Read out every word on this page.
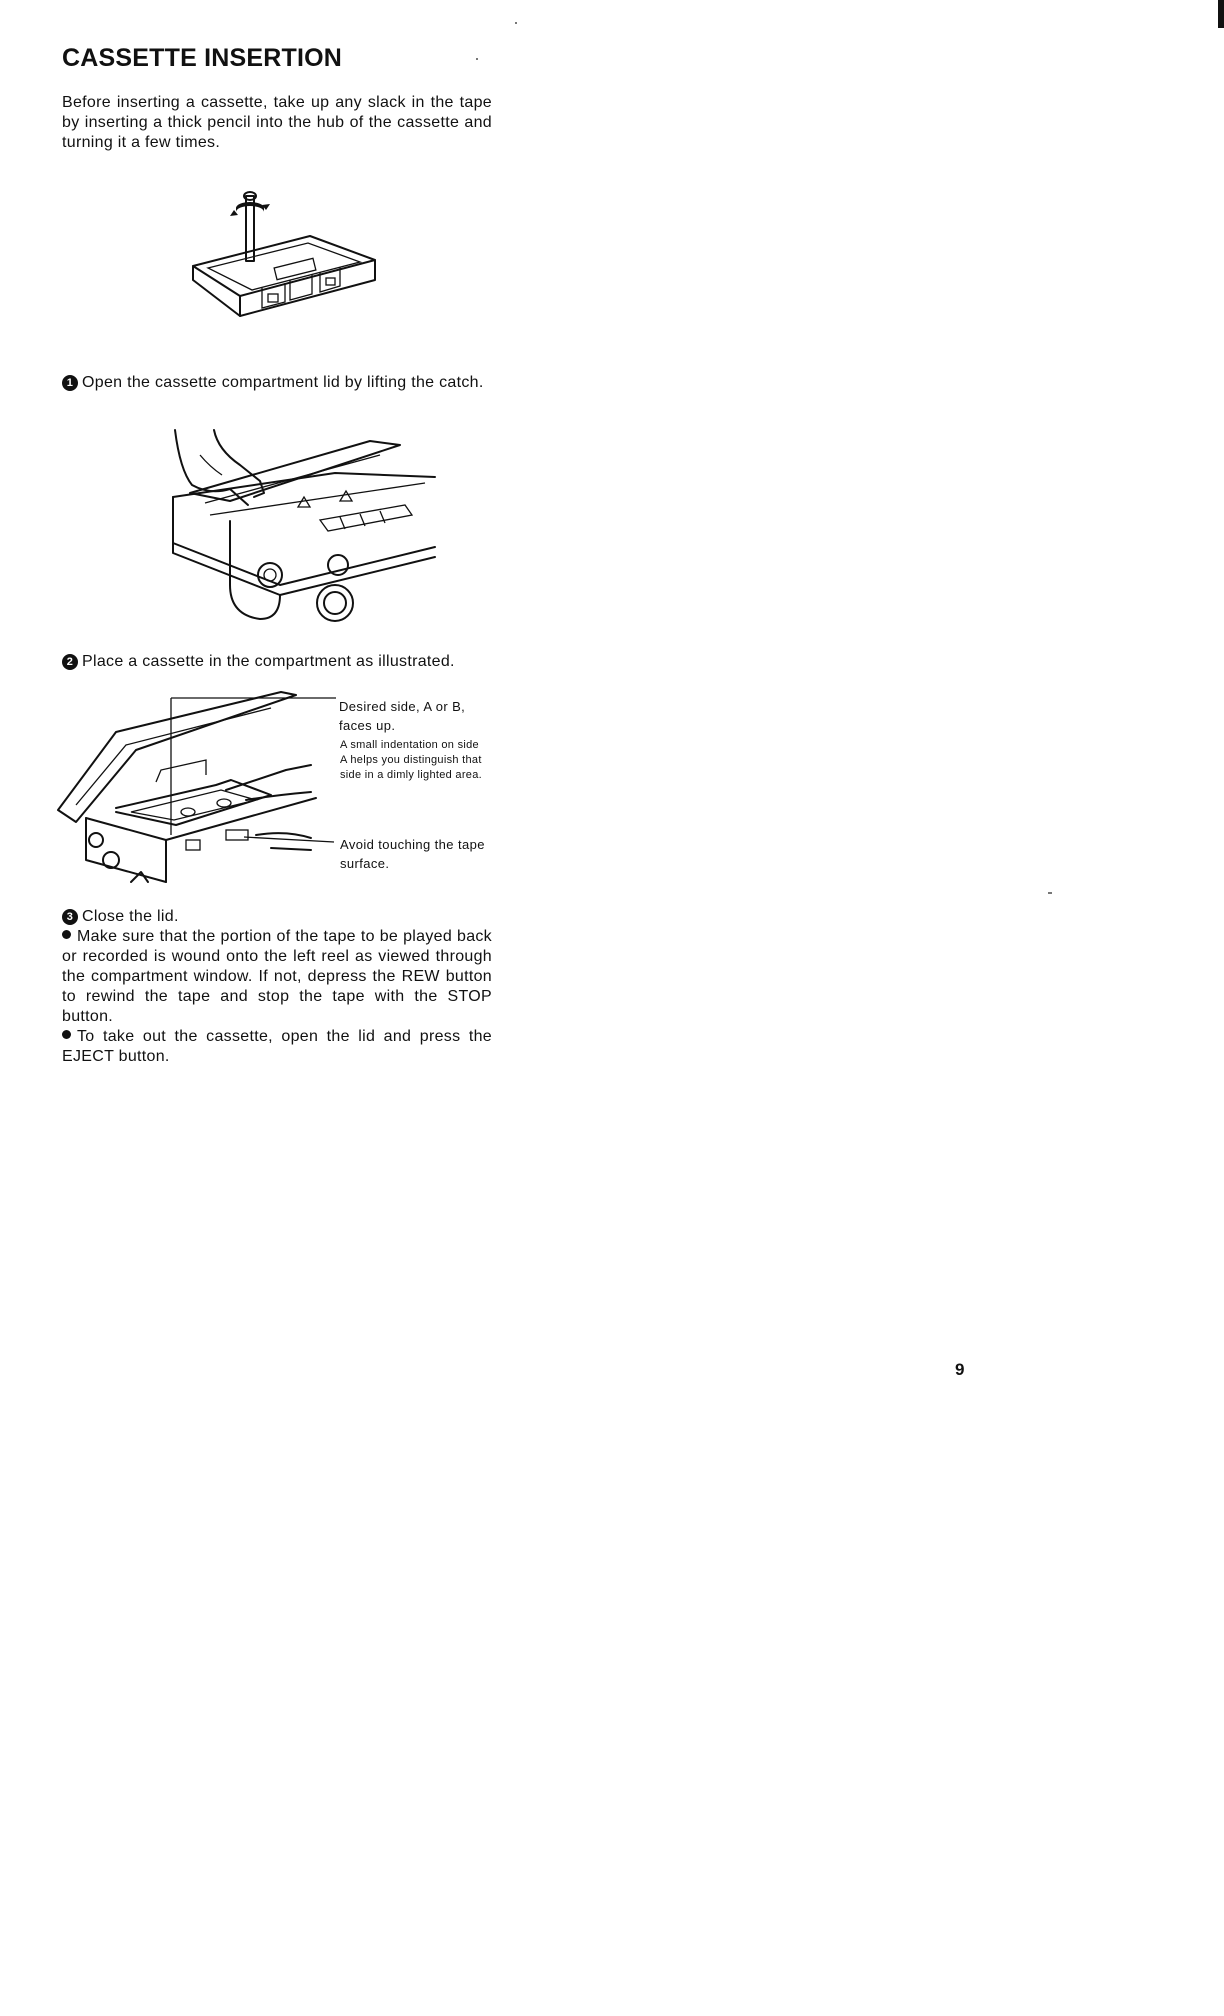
CASSETTE INSERTION

Before inserting a cassette, take up any slack in the tape by inserting a thick pencil into the hub of the cassette and turning it a few times.

1 Open the cassette compartment lid by lifting the catch.

2 Place a cassette in the compartment as illustrated.

Desired side, A or B,

faces up.

A small indentation on side

A helps you distinguish that

side in a dimly lighted area.

Avoid touching the tape

surface.

3 Close the lid.

Make sure that the portion of the tape to be played back or recorded is wound onto the left reel as viewed through the compartment window. If not, depress the REW button to rewind the tape and stop the tape with the STOP button.

To take out the cassette, open the lid and press the EJECT button.

9
